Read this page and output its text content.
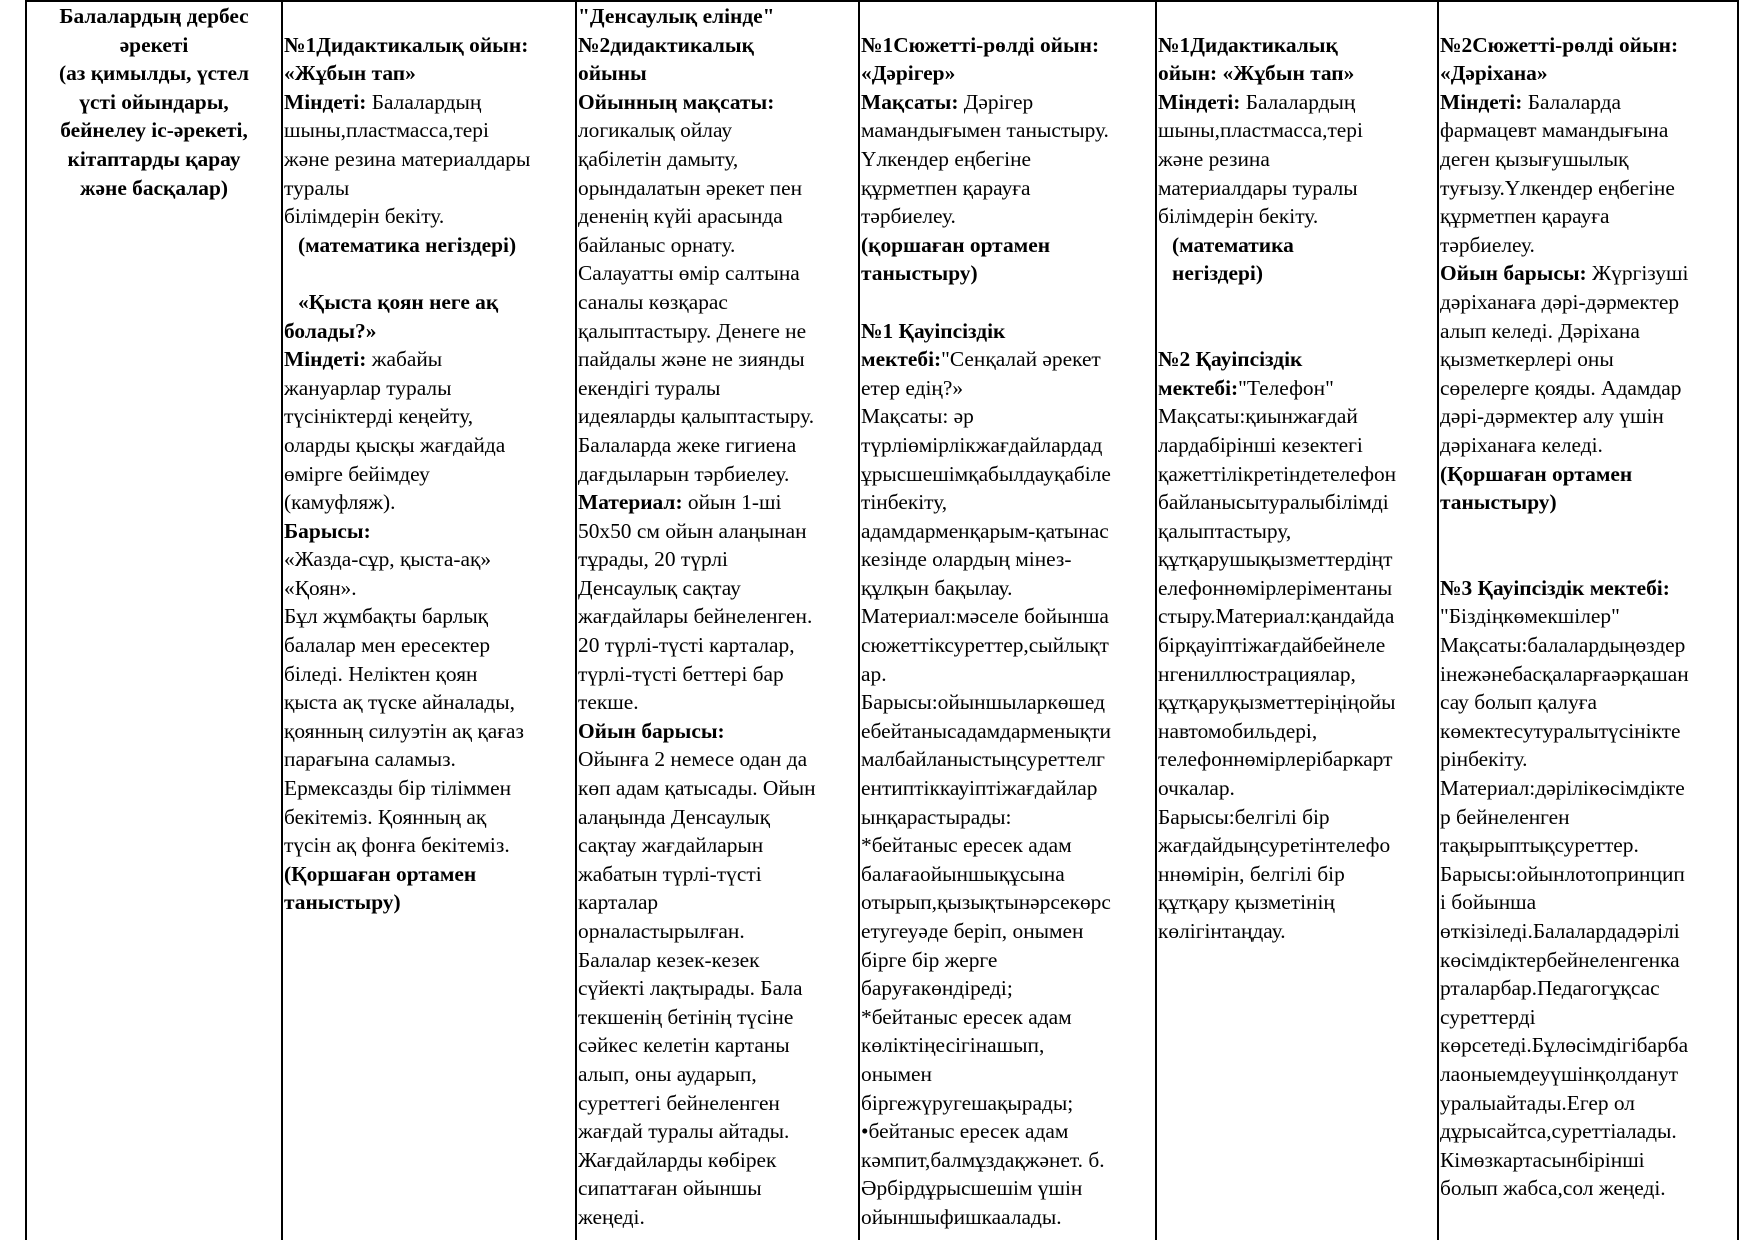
Балалардың дербес
әрекеті
(аз қимылды, үстел
үсті ойындары,
бейнелеу іс-әрекеті,
кітаптарды қарау
және басқалар)

№1Дидактикалық ойын:
«Жұбын тап»
Міндеті: Балалардың
шыны,пластмасса,тері
және резина материалдары
туралы
білімдерін бекіту.
(математика негіздері)

«Қыста қоян неге ақ
болады?»
Міндеті: жабайы
жануарлар туралы
түсініктерді кеңейту,
оларды қысқы жағдайда
өмірге бейімдеу
(камуфляж).
Барысы:
«Жазда-сұр, қыста-ақ»
«Қоян».
Бұл жұмбақты барлық
балалар мен ересектер
біледі. Неліктен қоян
қыста ақ түске айналады,
қоянның силуэтін ақ қағаз
парағына саламыз.
Ермексазды бір тіліммен
бекітеміз. Қоянның ақ
түсін ақ фонға бекітеміз.
(Қоршаған ортамен
таныстыру)
"Денсаулық елінде"
№2дидактикалық
ойыны
Ойынның мақсаты:
логикалық ойлау
қабілетін дамыту,
орындалатын әрекет пен
дененің күйі арасында
байланыс орнату.
Салауатты өмір салтына
саналы көзқарас
қалыптастыру. Денеге не
пайдалы және не зиянды
екендігі туралы
идеяларды қалыптастыру.
Балаларда жеке гигиена
дағдыларын тәрбиелеу.
Материал: ойын 1-ші
50x50 см ойын алаңынан
тұрады, 20 түрлі
Денсаулық сақтау
жағдайлары бейнеленген.
20 түрлі-түсті карталар,
түрлі-түсті беттері бар
текше.
Ойын барысы:
Ойынға 2 немесе одан да
көп адам қатысады. Ойын
алаңында Денсаулық
сақтау жағдайларын
жабатын түрлі-түсті
карталар
орналастырылған.
Балалар кезек-кезек
сүйекті лақтырады. Бала
текшенің бетінің түсіне
сәйкес келетін картаны
алып, оны аударып,
суреттегі бейнеленген
жағдай туралы айтады.
Жағдайларды көбірек
сипаттаған ойыншы
жеңеді.

№1Сюжетті-рөлді ойын:
«Дәрігер»
Мақсаты: Дәрігер
мамандығымен таныстыру.
Үлкендер еңбегіне
құрметпен қарауға
тәрбиелеу.
(қоршаған ортамен
таныстыру)

№1 Қауіпсіздік
мектебі:"Сенқалай әрекет
етер едің?»
Мақсаты: әр
түрліөмірлікжағдайлардад
ұрысшешімқабылдауқабіле
тінбекіту,
адамдарменқарым-қатынас
кезінде олардың мінез-
құлқын бақылау.
Материал:мәселе бойынша
сюжеттіксуреттер,сыйлықт
ар.
Барысы:ойыншыларкөшед
ебейтанысадамдарменықти
малбайланыстыңсуреттелг
ентиптіккауіптіжағдайлар
ынқарастырады:
*бейтаныс ересек адам
балағаойыншықұсына
отырып,қызықтынәрсекөрс
етугеуәде беріп, онымен
бірге бір жерге
баруғакөндіреді;
*бейтаныс ересек адам
көліктіңесігінашып,
онымен
біргежүругешақырады;
•бейтаныс ересек адам
кәмпит,балмұздақжәнет. б.
Әрбірдұрысшешім үшін
ойыншыфишкаалады.

№1Дидактикалық
ойын: «Жұбын тап»
Міндеті: Балалардың
шыны,пластмасса,тері
және резина
материалдары туралы
білімдерін бекіту.
(математика
негіздері)

№2 Қауіпсіздік
мектебі:"Телефон"
Мақсаты:қиынжағдай
лардабірінші кезектегі
қажеттілікретіндетелефон
байланысытуралыбілімді
қалыптастыру,
құтқарушықызметтердіңт
елефоннөмірлеріментаны
стыру.Материал:қандайда
бірқауіптіжағдайбейнеле
нгениллюстрациялар,
құтқаруқызметтеріңіңойы
навтомобильдері,
телефоннөмірлерібаркарт
очкалар.
Барысы:белгілі бір
жағдайдыңсуретінтелефо
ннөмірін, белгілі бір
құтқару қызметінің
көлігінтаңдау.

№2Сюжетті-рөлді ойын:
«Дәріхана»
Міндеті: Балаларда
фармацевт мамандығына
деген қызығушылық
туғызу.Үлкендер еңбегіне
құрметпен қарауға
тәрбиелеу.
Ойын барысы: Жүргізуші
дәріханаға дәрі-дәрмектер
алып келеді. Дәріхана
қызметкерлері оны
сөрелерге қояды. Адамдар
дәрі-дәрмектер алу үшін
дәріханаға келеді.
(Қоршаған ортамен
таныстыру)

№3 Қауіпсіздік мектебі:
"Біздіңкөмекшілер"
Мақсаты:балалардыңөздер
інежәнебасқаларғаәрқашан
сау болып қалуға
көмектесутуралытүсінікте
рінбекіту.
Материал:дәрілікөсімдікте
р бейнеленген
тақырыптықсуреттер.
Барысы:ойынлотопринцип
і бойынша
өткізіледі.Балалардадәрілі
көсімдіктербейнеленгенка
рталарбар.Педагогұқсас
суреттерді
көрсетеді.Бұлөсімдігібарба
лаоныемдеуүшінқолданут
уралыайтады.Егер ол
дұрысайтса,суреттіалады.
Кімөзкартасынбірінші
болып жабса,сол жеңеді.
